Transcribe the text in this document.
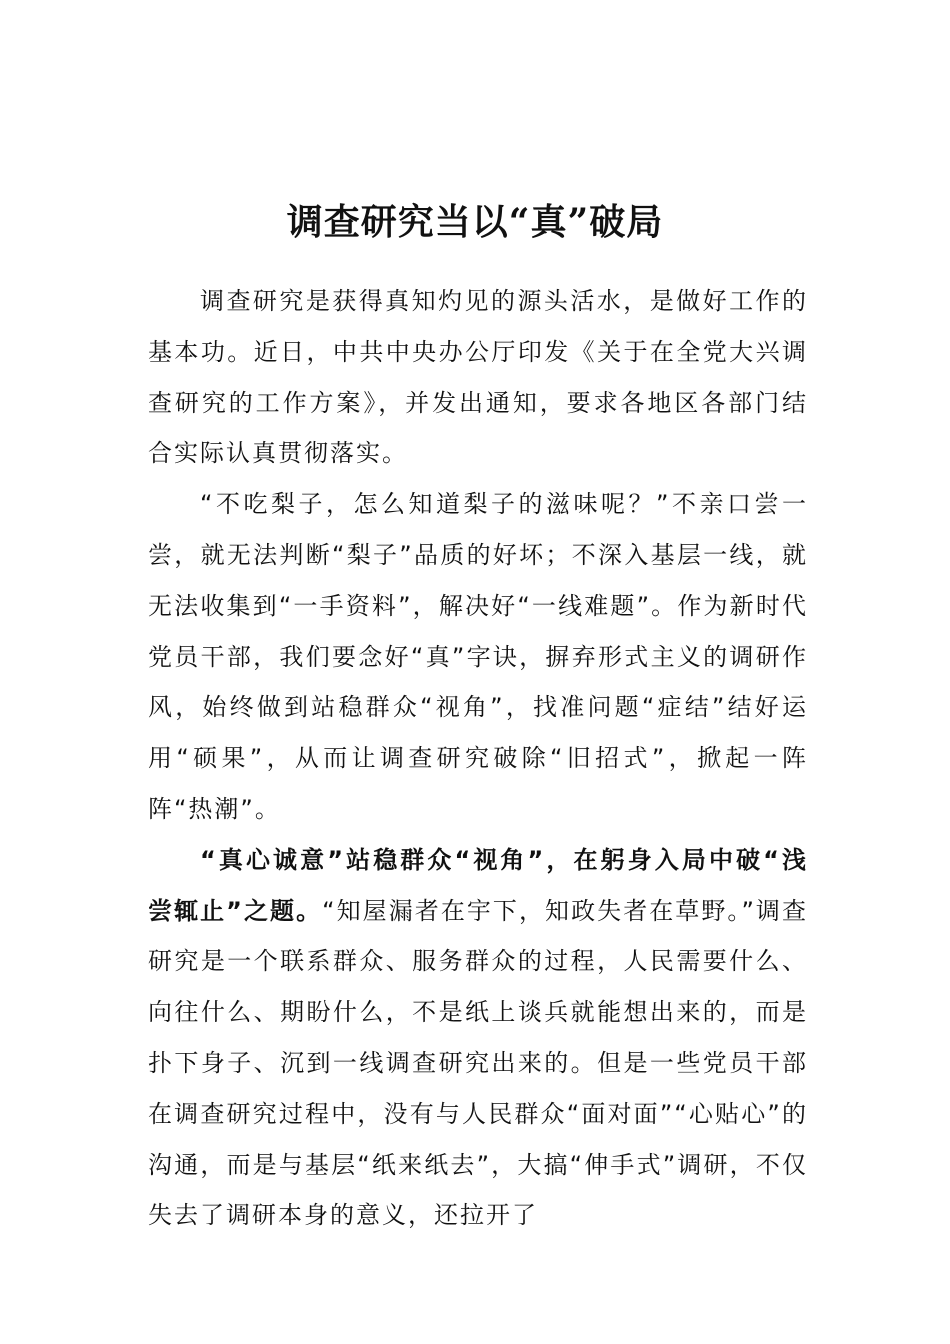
调查研究当以“真”破局

调查研究是获得真知灼见的源头活水，是做好工作的基本功。近日，中共中央办公厅印发《关于在全党大兴调查研究的工作方案》，并发出通知，要求各地区各部门结合实际认真贯彻落实。

“不吃梨子，怎么知道梨子的滋味呢？”不亲口尝一尝，就无法判断“梨子”品质的好坏；不深入基层一线，就无法收集到“一手资料”，解决好“一线难题”。作为新时代党员干部，我们要念好“真”字诀，摒弃形式主义的调研作风，始终做到站稳群众“视角”，找准问题“症结”结好运用“硕果”，从而让调查研究破除“旧招式”，掀起一阵阵“热潮”。

“真心诚意”站稳群众“视角”，在躬身入局中破“浅尝辄止”之题。“知屋漏者在宇下，知政失者在草野。”调查研究是一个联系群众、服务群众的过程，人民需要什么、向往什么、期盼什么，不是纸上谈兵就能想出来的，而是扑下身子、沉到一线调查研究出来的。但是一些党员干部在调查研究过程中，没有与人民群众“面对面”“心贴心”的沟通，而是与基层“纸来纸去”，大搞“伸手式”调研，不仅失去了调研本身的意义，还拉开了
